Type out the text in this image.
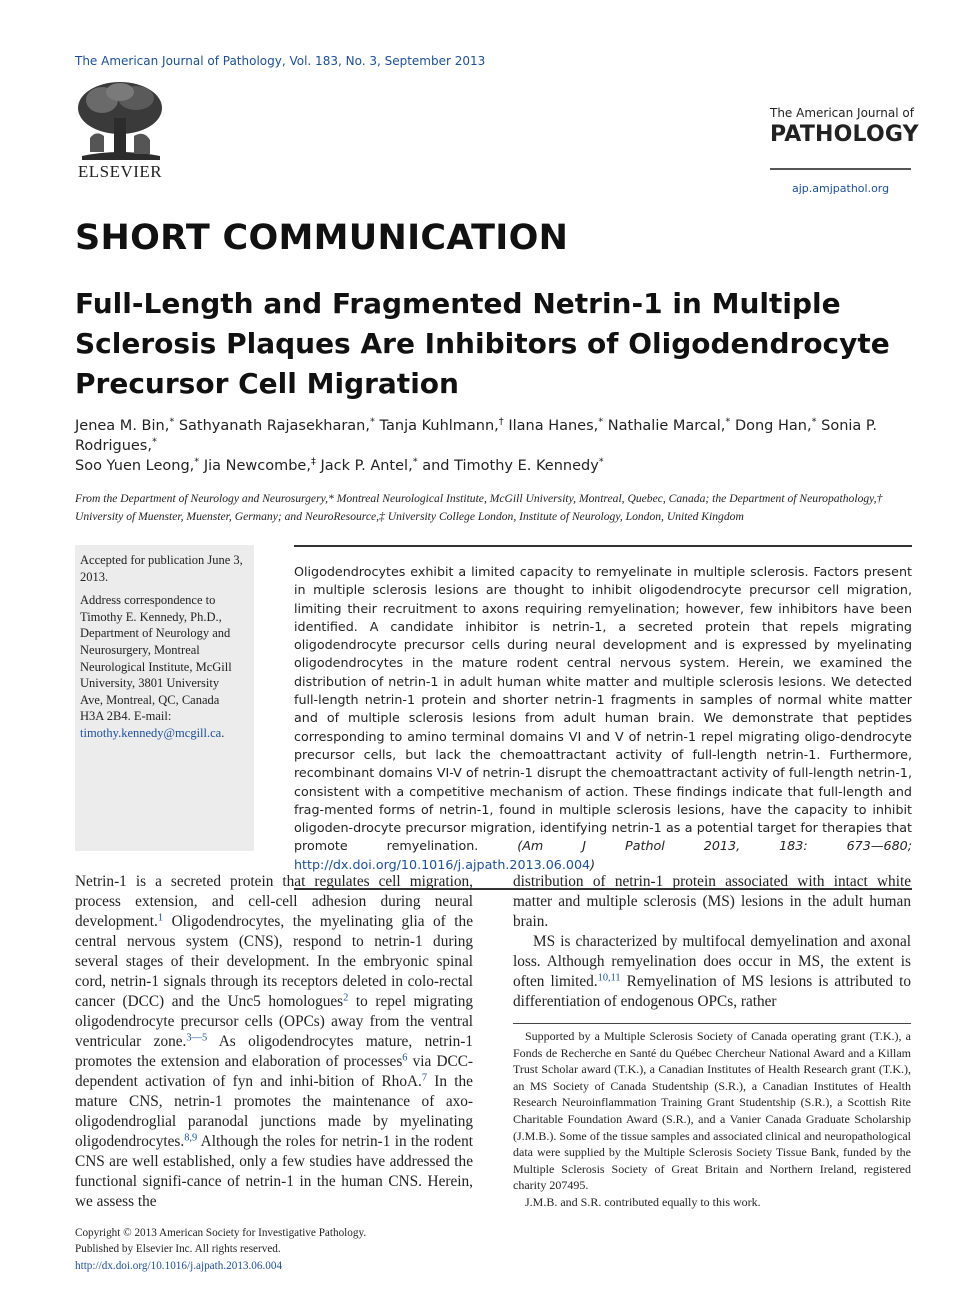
The American Journal of Pathology, Vol. 183, No. 3, September 2013
ELSEVIER
The American Journal of
PATHOLOGY
ajp.amjpathol.org
SHORT COMMUNICATION
Full-Length and Fragmented Netrin-1 in Multiple Sclerosis Plaques Are Inhibitors of Oligodendrocyte Precursor Cell Migration
Jenea M. Bin,* Sathyanath Rajasekharan,* Tanja Kuhlmann,† Ilana Hanes,* Nathalie Marcal,* Dong Han,* Sonia P. Rodrigues,*
Soo Yuen Leong,* Jia Newcombe,‡ Jack P. Antel,* and Timothy E. Kennedy*
From the Department of Neurology and Neurosurgery,* Montreal Neurological Institute, McGill University, Montreal, Quebec, Canada; the Department of Neuropathology,† University of Muenster, Muenster, Germany; and NeuroResource,‡ University College London, Institute of Neurology, London, United Kingdom

Accepted for publication June 3, 2013.

Address correspondence to Timothy E. Kennedy, Ph.D., Department of Neurology and Neurosurgery, Montreal Neurological Institute, McGill University, 3801 University Ave, Montreal, QC, Canada H3A 2B4. E-mail: timothy.kennedy@mcgill.ca.

Oligodendrocytes exhibit a limited capacity to remyelinate in multiple sclerosis. Factors present in multiple sclerosis lesions are thought to inhibit oligodendrocyte precursor cell migration, limiting their recruitment to axons requiring remyelination; however, few inhibitors have been identified. A candidate inhibitor is netrin-1, a secreted protein that repels migrating oligodendrocyte precursor cells during neural development and is expressed by myelinating oligodendrocytes in the mature rodent central nervous system. Herein, we examined the distribution of netrin-1 in adult human white matter and multiple sclerosis lesions. We detected full-length netrin-1 protein and shorter netrin-1 fragments in samples of normal white matter and of multiple sclerosis lesions from adult human brain. We demonstrate that peptides corresponding to amino terminal domains VI and V of netrin-1 repel migrating oligo-dendrocyte precursor cells, but lack the chemoattractant activity of full-length netrin-1. Furthermore, recombinant domains VI-V of netrin-1 disrupt the chemoattractant activity of full-length netrin-1, consistent with a competitive mechanism of action. These findings indicate that full-length and frag-mented forms of netrin-1, found in multiple sclerosis lesions, have the capacity to inhibit oligoden-drocyte precursor migration, identifying netrin-1 as a potential target for therapies that promote remyelination. (Am J Pathol 2013, 183: 673—680; http://dx.doi.org/10.1016/j.ajpath.2013.06.004)

Netrin-1 is a secreted protein that regulates cell migration, process extension, and cell-cell adhesion during neural development.$^1$ Oligodendrocytes, the myelinating glia of the central nervous system (CNS), respond to netrin-1 during several stages of their development. In the embryonic spinal cord, netrin-1 signals through its receptors deleted in colo-rectal cancer (DCC) and the Unc5 homologues$^2$ to repel migrating oligodendrocyte precursor cells (OPCs) away from the ventral ventricular zone.$^{3—5}$ As oligodendrocytes mature, netrin-1 promotes the extension and elaboration of processes$^6$ via DCC-dependent activation of fyn and inhi-bition of RhoA.$^7$ In the mature CNS, netrin-1 promotes the maintenance of axo-oligodendroglial paranodal junctions made by myelinating oligodendrocytes.$^{8,9}$ Although the roles for netrin-1 in the rodent CNS are well established, only a few studies have addressed the functional signifi-cance of netrin-1 in the human CNS. Herein, we assess the

distribution of netrin-1 protein associated with intact white matter and multiple sclerosis (MS) lesions in the adult human brain.

MS is characterized by multifocal demyelination and axonal loss. Although remyelination does occur in MS, the extent is often limited.$^{10,11}$ Remyelination of MS lesions is attributed to differentiation of endogenous OPCs, rather

Supported by a Multiple Sclerosis Society of Canada operating grant (T.K.), a Fonds de Recherche en Santé du Québec Chercheur National Award and a Killam Trust Scholar award (T.K.), a Canadian Institutes of Health Research grant (T.K.), an MS Society of Canada Studentship (S.R.), a Canadian Institutes of Health Research Neuroinflammation Training Grant Studentship (S.R.), a Scottish Rite Charitable Foundation Award (S.R.), and a Vanier Canada Graduate Scholarship (J.M.B.). Some of the tissue samples and associated clinical and neuropathological data were supplied by the Multiple Sclerosis Society Tissue Bank, funded by the Multiple Sclerosis Society of Great Britain and Northern Ireland, registered charity 207495.

J.M.B. and S.R. contributed equally to this work.

Copyright © 2013 American Society for Investigative Pathology.
Published by Elsevier Inc. All rights reserved.
http://dx.doi.org/10.1016/j.ajpath.2013.06.004
